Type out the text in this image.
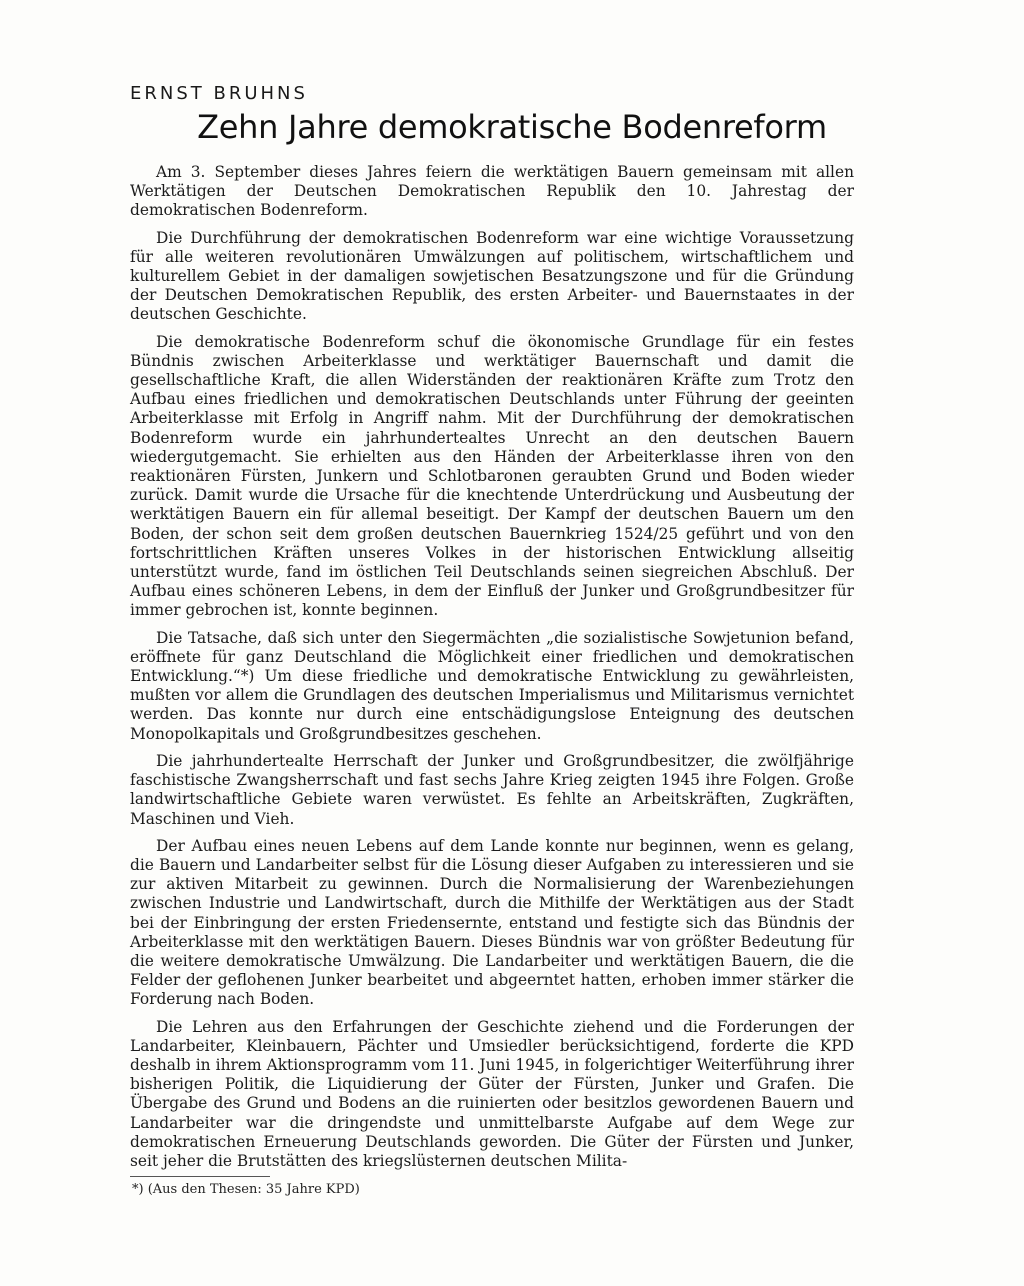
ERNST BRUHNS
Zehn Jahre demokratische Bodenreform

Am 3. September dieses Jahres feiern die werktätigen Bauern gemeinsam mit allen Werktätigen der Deutschen Demokratischen Republik den 10. Jahrestag der demokratischen Bodenreform.

Die Durchführung der demokratischen Bodenreform war eine wichtige Voraussetzung für alle weiteren revolutionären Umwälzungen auf politischem, wirtschaftlichem und kulturellem Gebiet in der damaligen sowjetischen Besatzungszone und für die Gründung der Deutschen Demokratischen Republik, des ersten Arbeiter- und Bauernstaates in der deutschen Geschichte.

Die demokratische Bodenreform schuf die ökonomische Grundlage für ein festes Bündnis zwischen Arbeiterklasse und werktätiger Bauernschaft und damit die gesellschaftliche Kraft, die allen Widerständen der reaktionären Kräfte zum Trotz den Aufbau eines friedlichen und demokratischen Deutschlands unter Führung der geeinten Arbeiterklasse mit Erfolg in Angriff nahm. Mit der Durchführung der demokratischen Bodenreform wurde ein jahrhundertealtes Unrecht an den deutschen Bauern wiedergutgemacht. Sie erhielten aus den Händen der Arbeiterklasse ihren von den reaktionären Fürsten, Junkern und Schlotbaronen geraubten Grund und Boden wieder zurück. Damit wurde die Ursache für die knechtende Unterdrückung und Ausbeutung der werktätigen Bauern ein für allemal beseitigt. Der Kampf der deutschen Bauern um den Boden, der schon seit dem großen deutschen Bauernkrieg 1524/25 geführt und von den fortschrittlichen Kräften unseres Volkes in der historischen Entwicklung allseitig unterstützt wurde, fand im östlichen Teil Deutschlands seinen siegreichen Abschluß. Der Aufbau eines schöneren Lebens, in dem der Einfluß der Junker und Großgrundbesitzer für immer gebrochen ist, konnte beginnen.

Die Tatsache, daß sich unter den Siegermächten „die sozialistische Sowjetunion befand, eröffnete für ganz Deutschland die Möglichkeit einer friedlichen und demokratischen Entwicklung.“*) Um diese friedliche und demokratische Entwicklung zu gewährleisten, mußten vor allem die Grundlagen des deutschen Imperialismus und Militarismus vernichtet werden. Das konnte nur durch eine entschädigungslose Enteignung des deutschen Monopolkapitals und Großgrundbesitzes geschehen.

Die jahrhundertealte Herrschaft der Junker und Großgrundbesitzer, die zwölfjährige faschistische Zwangsherrschaft und fast sechs Jahre Krieg zeigten 1945 ihre Folgen. Große landwirtschaftliche Gebiete waren verwüstet. Es fehlte an Arbeitskräften, Zugkräften, Maschinen und Vieh.

Der Aufbau eines neuen Lebens auf dem Lande konnte nur beginnen, wenn es gelang, die Bauern und Landarbeiter selbst für die Lösung dieser Aufgaben zu interessieren und sie zur aktiven Mitarbeit zu gewinnen. Durch die Normalisierung der Warenbeziehungen zwischen Industrie und Landwirtschaft, durch die Mithilfe der Werktätigen aus der Stadt bei der Einbringung der ersten Friedensernte, entstand und festigte sich das Bündnis der Arbeiterklasse mit den werktätigen Bauern. Dieses Bündnis war von größter Bedeutung für die weitere demokratische Umwälzung. Die Landarbeiter und werktätigen Bauern, die die Felder der geflohenen Junker bearbeitet und abgeerntet hatten, erhoben immer stärker die Forderung nach Boden.

Die Lehren aus den Erfahrungen der Geschichte ziehend und die Forderungen der Landarbeiter, Kleinbauern, Pächter und Umsiedler berücksichtigend, forderte die KPD deshalb in ihrem Aktionsprogramm vom 11. Juni 1945, in folgerichtiger Weiterführung ihrer bisherigen Politik, die Liquidierung der Güter der Fürsten, Junker und Grafen. Die Übergabe des Grund und Bodens an die ruinierten oder besitzlos gewordenen Bauern und Landarbeiter war die dringendste und unmittelbarste Aufgabe auf dem Wege zur demokratischen Erneuerung Deutschlands geworden. Die Güter der Fürsten und Junker, seit jeher die Brutstätten des kriegslüsternen deutschen Milita-

*) (Aus den Thesen: 35 Jahre KPD)
